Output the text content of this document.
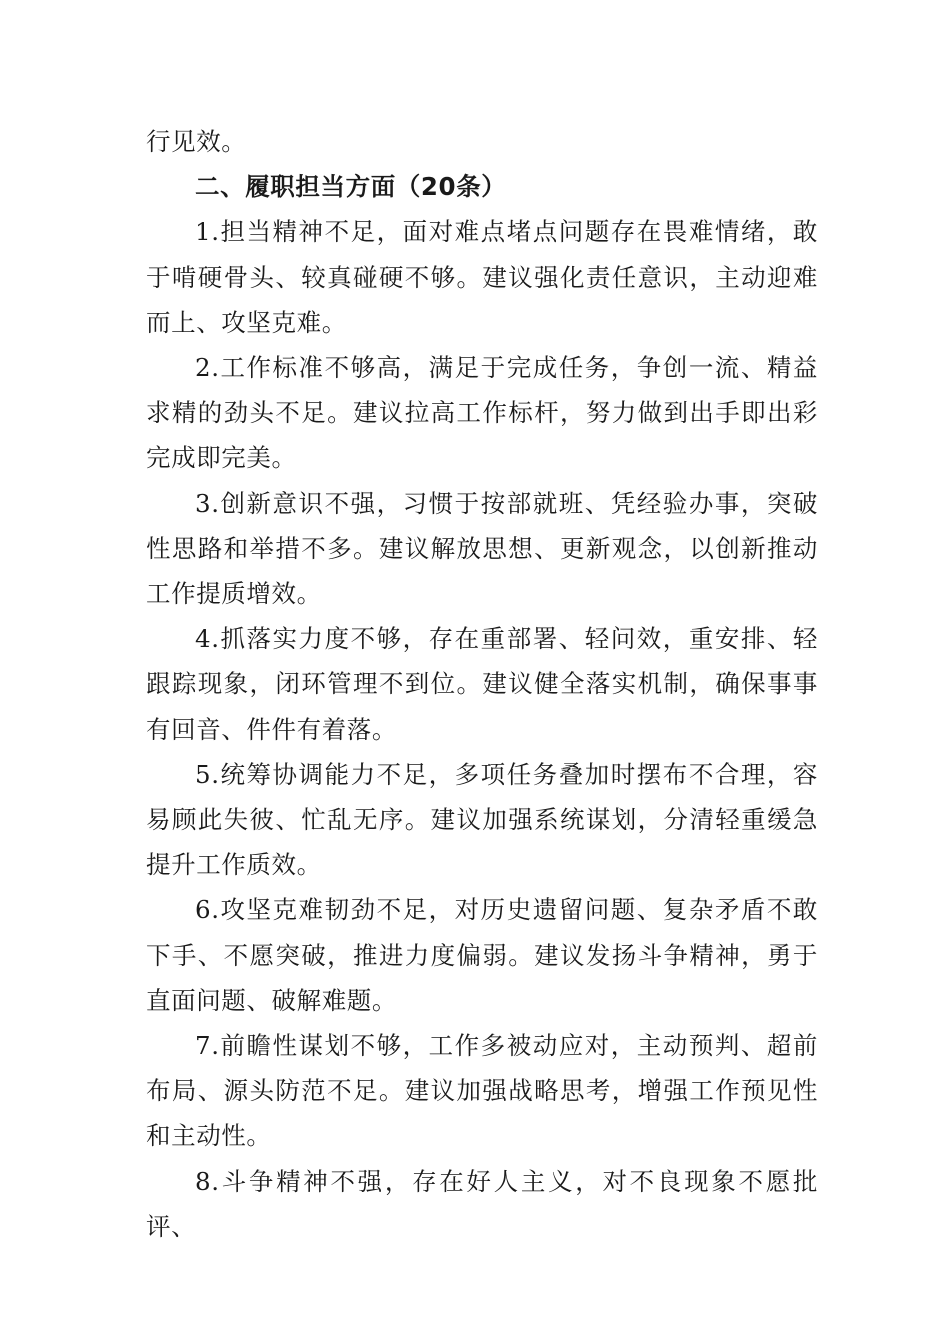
行见效。

二、履职担当方面（20条）

1.担当精神不足，面对难点堵点问题存在畏难情绪，敢于啃硬骨头、较真碰硬不够。建议强化责任意识，主动迎难而上、攻坚克难。

2.工作标准不够高，满足于完成任务，争创一流、精益求精的劲头不足。建议拉高工作标杆，努力做到出手即出彩完成即完美。

3.创新意识不强，习惯于按部就班、凭经验办事，突破性思路和举措不多。建议解放思想、更新观念，以创新推动工作提质增效。

4.抓落实力度不够，存在重部署、轻问效，重安排、轻跟踪现象，闭环管理不到位。建议健全落实机制，确保事事有回音、件件有着落。

5.统筹协调能力不足，多项任务叠加时摆布不合理，容易顾此失彼、忙乱无序。建议加强系统谋划，分清轻重缓急提升工作质效。

6.攻坚克难韧劲不足，对历史遗留问题、复杂矛盾不敢下手、不愿突破，推进力度偏弱。建议发扬斗争精神，勇于直面问题、破解难题。

7.前瞻性谋划不够，工作多被动应对，主动预判、超前布局、源头防范不足。建议加强战略思考，增强工作预见性和主动性。

8.斗争精神不强，存在好人主义，对不良现象不愿批评、
